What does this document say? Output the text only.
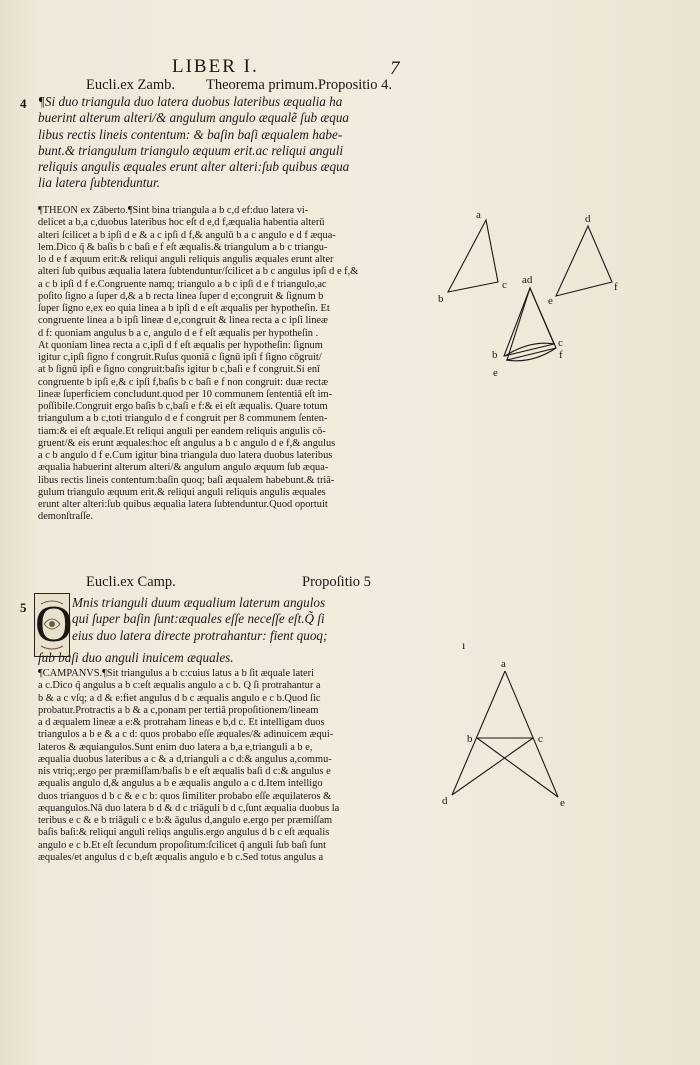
LIBER I.	7
Eucli.ex Zamb. Theorema primum.Propositio 4.
4 ¶Si duo triangula duo latera duobus lateribus æqualia ha
buerint alterum alteri/& angulum angulo æqualẽ ſub æqua
libus rectis lineis contentum: & baſin baſi æqualem habe-
bunt.& triangulum triangulo æquum erit.ac reliqui anguli
reliquis angulis æquales erunt alter alteri:ſub quibus æqua
lia latera ſubtenduntur.
¶THEON ex Zāberto.¶Sint bina triangula a b c,d ef:duo latera vi-
delicet a b,a c,duobus lateribus hoc eſt d e,d f,æqualia habentia alterū
alteri ſcilicet a b ipſi d e & a c ipſi d f,& angulū b a c angulo e d f æqua-
lem.Dico q̃ & baſis b c baſi e f eſt æqualis.& triangulum a b c triangu-
lo d e f æquum erit:& reliqui anguli reliquis angulis æquales erunt alter
alteri ſub quibus æqualia latera ſubtenduntur/ſcilicet a b c angulus ipſi d e f,&
a c b ipſi d f e.Congruente namq; triangulo a b c ipſi d e f triangulo,ac
poſito ſigno a ſuper d,& a b recta linea ſuper d e;congruit & ſignum b
ſuper ſigno e,ex eo quia linea a b ipſi d e eſt æqualis per hypotheſin. Et
congruente linea a b ipſi lineæ d e,congruit & linea recta a c ipſi lineæ
d f: quoniam angulus b a c, angulo d e f eſt æqualis per hypotheſin .
At quoniam linea recta a c,ipſi d f eſt æqualis per hypotheſin: ſignum
igitur c,ipſi ſigno f congruit.Ruſus quoniā c ſignū ipſi f ſigno cōgruit/
at b ſignū ipſi e ſigno congruit:baſis igitur b c,baſi e f congruit.Si enī
congruente b ipſi e,& c ipſi f,baſis b c baſi e f non congruit: duæ rectæ
lineæ ſuperficiem concludunt.quod per 10 communem ſententiā eſt im-
poſſibile.Congruit ergo baſis b c,baſi e f:& ei eſt æqualis. Quare totum
triangulum a b c,toti triangulo d e f congruit per 8 communem ſenten-
tiam:& ei eſt æquale.Et reliqui anguli per eandem reliquis angulis cō-
gruent/& eis erunt æquales:hoc eſt angulus a b c angulo d e f,& angulus
a c b angulo d f e.Cum igitur bina triangula duo latera duobus lateribus
æqualia habuerint alterum alteri/& angulum angulo æquum ſub æqua-
libus rectis lineis contentum:baſin quoq; baſi æqualem habebunt.& triā-
gulum triangulo æquum erit.& reliqui anguli reliquis angulis æquales
erunt alter alteri:ſub quibus æqualia latera ſubtenduntur.Quod oportuit
demonſtraſſe.
Eucli.ex Camp.	Propoſitio 5
5 O Mnis trianguli duum æqualium laterum angulos
qui ſuper baſin ſunt:æquales eſſe neceſſe eſt.Q̃ ſi
eius duo latera directe protrahantur: fient quoq;
ſub baſi duo anguli inuicem æquales.
¶CAMPANVS.¶Sit triangulus a b c:cuius latus a b ſit æquale lateri
a c.Dico q̃ angulus a b c:eſt æqualis angulo a c b. Q̃ ſi protrahantur a
b & a c vſq; a d & e:fiet angulus d b c æqualis angulo e c b.Quod ſic
probatur.Protractis a b & a c,ponam per tertiā propoſitionem/lineam
a d æqualem lineæ a e:& protraham lineas e b,d c. Et intelligam duos
triangulos a b e & a c d: quos probabo eſſe æquales/& adinuicem æqui-
lateros & æquiangulos.Sunt enim duo latera a b,a e,trianguli a b e,
æqualia duobus lateribus a c & a d,trianguli a c d:& angulus a,commu-
nis vtriq;.ergo per præmiſſam/baſis b e eſt æqualis baſi d c:& angulus e
æqualis angulo d,& angulus a b e æqualis angulo a c d.Item intelligo
duos trianguos d b c & e c b: quos ſimiliter probabo eſſe æquilateros &
æquangulos.Nā duo latera b d & d c triāguli b d c,ſunt æqualia duobus la
teribus e c & e b triāguli c e b:& āgulus d,angulo e.ergo per præmiſſam
baſis baſi:& reliqui anguli reliqs angulis.ergo angulus d b c eſt æqualis
angulo e c b.Et eſt ſecundum propoſitum:ſcilicet q̃ anguli ſub baſi ſunt
æquales/et angulus d c b,eſt æqualis angulo e b c.Sed totus angulus a
a
b
c
d
e
f
ad
b
c
e
f
a
b	c
d	e
ı
